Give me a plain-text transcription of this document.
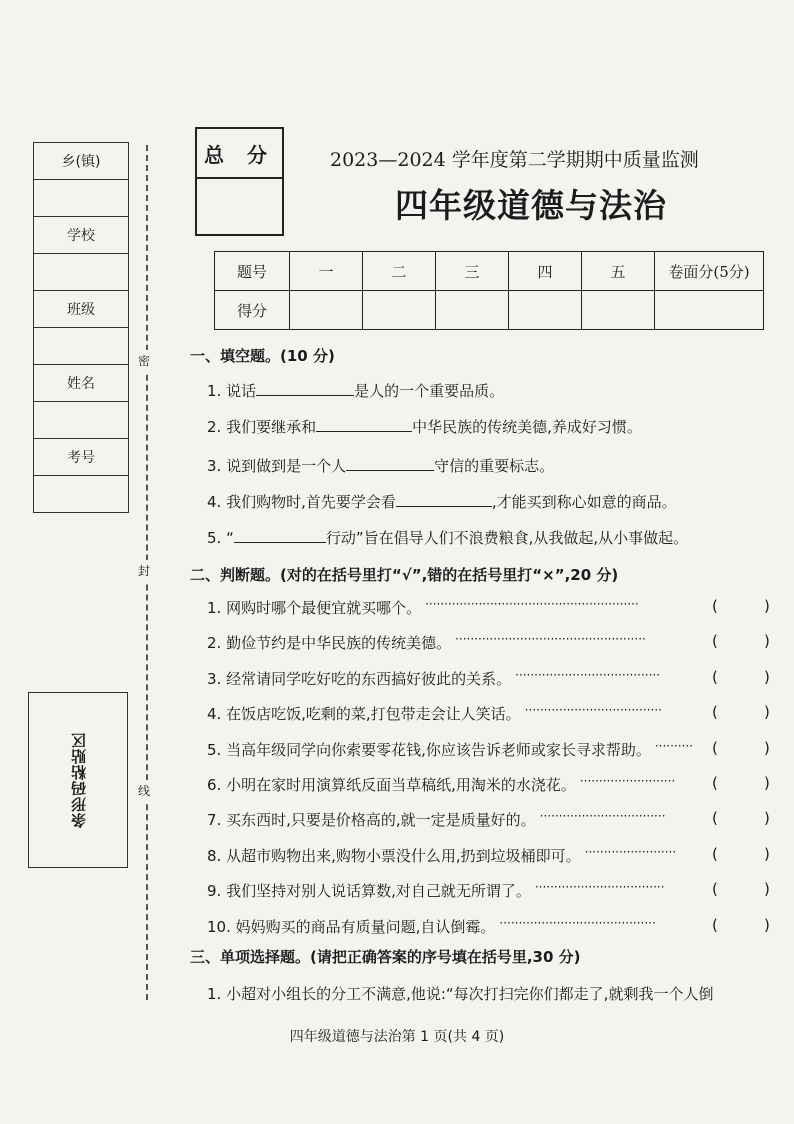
乡(镇)
学校
班级
姓名
考号
条形码粘贴区
密
封
线
总 分	2023—2024 学年度第二学期期中质量监测
四年级道德与法治
题号	一	二	三	四	五	卷面分(5分)
得分						
一、填空题。(10 分)
1. 说话	是人的一个重要品质。
2. 我们要继承和	中华民族的传统美德,养成好习惯。
3. 说到做到是一个人	守信的重要标志。
4. 我们购物时,首先要学会看	,才能买到称心如意的商品。
5. “	行动”旨在倡导人们不浪费粮食,从我做起,从小事做起。
二、判断题。(对的在括号里打“√”,错的在括号里打“×”,20 分)
1. 网购时哪个最便宜就买哪个。	(	)
························································
2. 勤俭节约是中华民族的传统美德。	(	)
··················································
3. 经常请同学吃好吃的东西搞好彼此的关系。	(	)
······································
4. 在饭店吃饭,吃剩的菜,打包带走会让人笑话。	(	)
····································
5. 当高年级同学向你索要零花钱,你应该告诉老师或家长寻求帮助。	(	)
··········
6. 小明在家时用演算纸反面当草稿纸,用淘米的水浇花。	(	)
·························
7. 买东西时,只要是价格高的,就一定是质量好的。	(	)
·································
8. 从超市购物出来,购物小票没什么用,扔到垃圾桶即可。	(	)
························
9. 我们坚持对别人说话算数,对自己就无所谓了。	(	)
··································
10. 妈妈购买的商品有质量问题,自认倒霉。	(	)
·········································
三、单项选择题。(请把正确答案的序号填在括号里,30 分)
1. 小超对小组长的分工不满意,他说:“每次打扫完你们都走了,就剩我一个人倒
四年级道德与法治第 1 页(共 4 页)
